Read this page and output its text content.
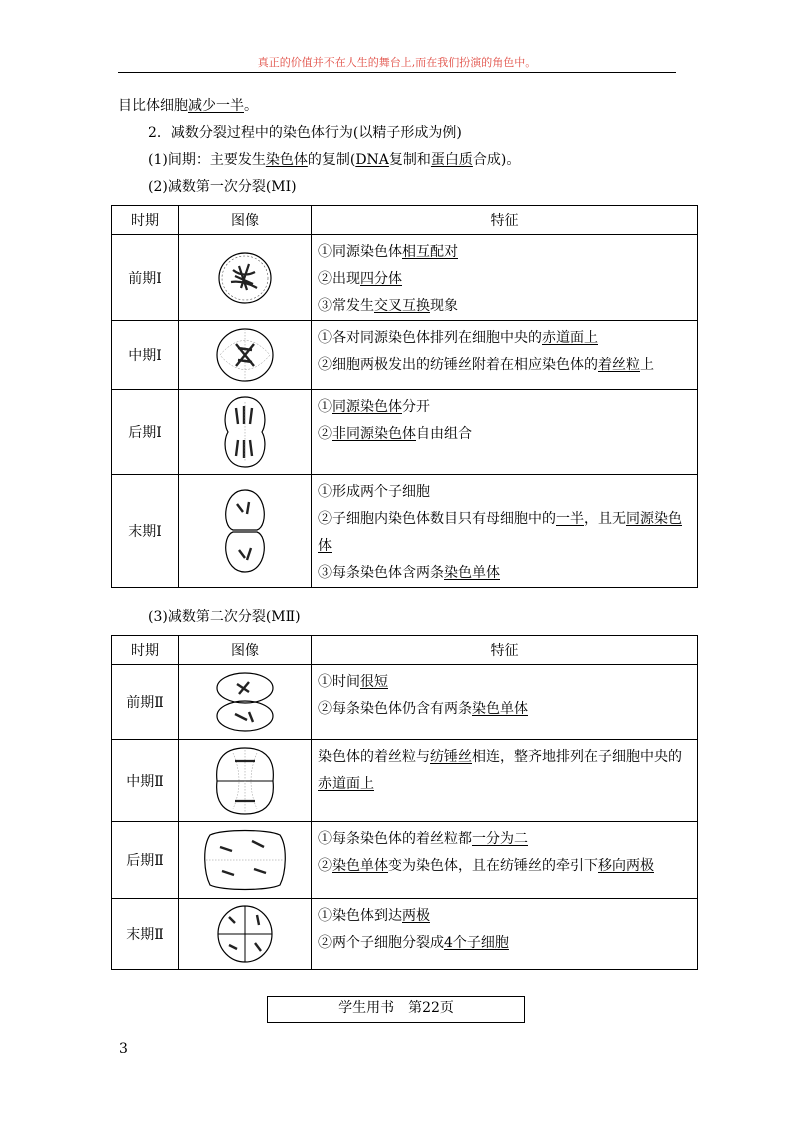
真正的价值并不在人生的舞台上,而在我们扮演的角色中。
目比体细胞减少一半。
2．减数分裂过程中的染色体行为(以精子形成为例)
(1)间期：主要发生染色体的复制(DNA复制和蛋白质合成)。
(2)减数第一次分裂(MⅠ)
时期	图像	特征
前期Ⅰ		①同源染色体相互配对
②出现四分体
③常发生交叉互换现象

中期Ⅰ		①各对同源染色体排列在细胞中央的赤道面上
②细胞两极发出的纺锤丝附着在相应染色体的着丝粒上

后期Ⅰ		①同源染色体分开
②非同源染色体自由组合

末期Ⅰ		①形成两个子细胞
②子细胞内染色体数目只有母细胞中的一半，且无同源染色
体
③每条染色体含两条染色单体
(3)减数第二次分裂(MⅡ)
时期	图像	特征
前期Ⅱ		①时间很短
②每条染色体仍含有两条染色单体

中期Ⅱ		染色体的着丝粒与纺锤丝相连，整齐地排列在子细胞中央的
赤道面上

后期Ⅱ		①每条染色体的着丝粒都一分为二
②染色单体变为染色体，且在纺锤丝的牵引下移向两极

末期Ⅱ		①染色体到达两极
②两个子细胞分裂成4个子细胞
学生用书　第22页
3
